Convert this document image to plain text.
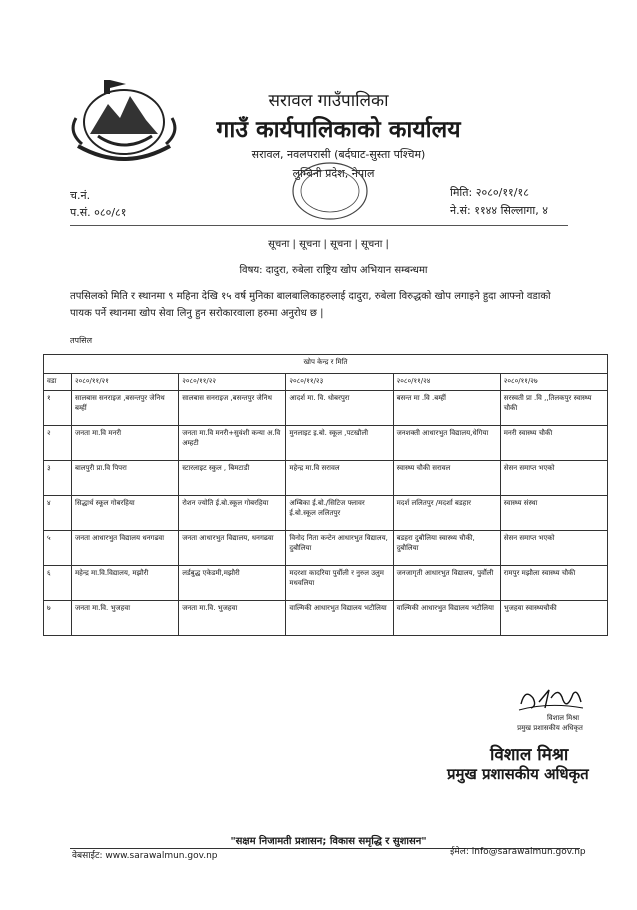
सरावल गाउँपालिका
गाउँ कार्यपालिकाको कार्यालय
सरावल, नवलपरासी (बर्दघाट-सुस्ता पश्चिम)
लुम्बिनी प्रदेश, नेपाल
च.नं.
प.सं. ०८०/८१
मिति: २०८०/११/१८
ने.सं: ११४४ सिल्लागा, ४
सूचना | सूचना | सूचना | सूचना |
विषय: दादुरा, रुबेला राष्ट्रिय खोप अभियान सम्बन्धमा
तपसिलको मिति र स्थानमा ९ महिना देखि १५ वर्ष मुनिका बालबालिकाहरुलाई दादुरा, रुबेला विरुद्धको खोप लगाइने हुदा आफ्नो वडाको पायक पर्ने स्थानमा खोप सेवा लिनु हुन सरोकारवाला हरुमा अनुरोध छ |
तपसिल
खोप केन्द्र र मिति					
वडा	२०८०/११/२१	२०८०/११/२२	२०८०/११/२३	२०८०/११/२४	२०८०/११/२७
१	सालबास सनराइज ,बसन्तपुर जेनिथ बम्हीं	सालबास सनराइज ,बसन्तपुर जेनिथ	आदर्श मा. वि. धोबरपुरा	बसन्त मा .वि .बम्हीं	सरस्वती प्रा .वि ,,तिलकपुर स्वास्थ्य चौकी
२	जनता मा.वि मनरी	जनता मा.वि मनरी+सुवंशी कन्या अ.वि अम्हटी	मुनलाइट इ.बो. स्कूल ,पटखौली	जनशक्ती आधारभुत विद्यालय,धेगिया	मनरी स्वास्थ्य चौकी
३	बालपुरी प्रा.वि पिपरा	स्टारलाइट स्कुल , बिमटाडी	महेन्द्र मा.वि सरावल	स्वास्थ्य चौकी सरावल	सेसन समाप्त भएको
४	सिद्धार्थ स्कूल गोबरहिया	रोशन ज्योति ई.बो.स्कूल गोबरहिया	अम्बिका ई.बो./सिटिज फ्लावर ई.बो.स्कूल ललितपुर	मदर्श ललितपुर /मदर्शा बडहार	स्वास्थ्य संस्था
५	जनता आधारभुत विद्यालय धनगढवा	जनता आधारभुत विद्यालय, धनगढवा	विनोद निता कन्टेन आधारभुत विद्यालय, दुबौलिया	बडहरा दुबौलिया स्वास्थ्य चौकी, दुबौलिया	सेसन समाप्त भएको
६	महेन्द्र मा.वि.विद्यालय, मझौरी	लर्डबुद्ध एकेडमी,मझौरी	मदरशा कादरिया पुर्वौली र नुरुल उलुम मधवलिया	जनजागृती आधारभुत विद्यालय, पुर्वौली	रामपुर मझौला स्वास्थ्य चौकी
७	जनता मा.वि. भुजहवा	जनता मा.वि. भुजहवा	वाल्मिकी आधारभुत विद्यालय भटौलिया	वाल्मिकी आधारभुत विद्यालय भटौलिया	भुजहवा स्वास्थ्यचौकी
विशाल मिश्रा
प्रमुख प्रशासकीय अधिकृत
विशाल मिश्रा
प्रमुख प्रशासकीय अधिकृत
"सक्षम निजामती प्रशासन; विकास समृद्धि र सुशासन"
वेबसाईट: www.sarawalmun.gov.np	ईमेल: info@sarawalmun.gov.np
